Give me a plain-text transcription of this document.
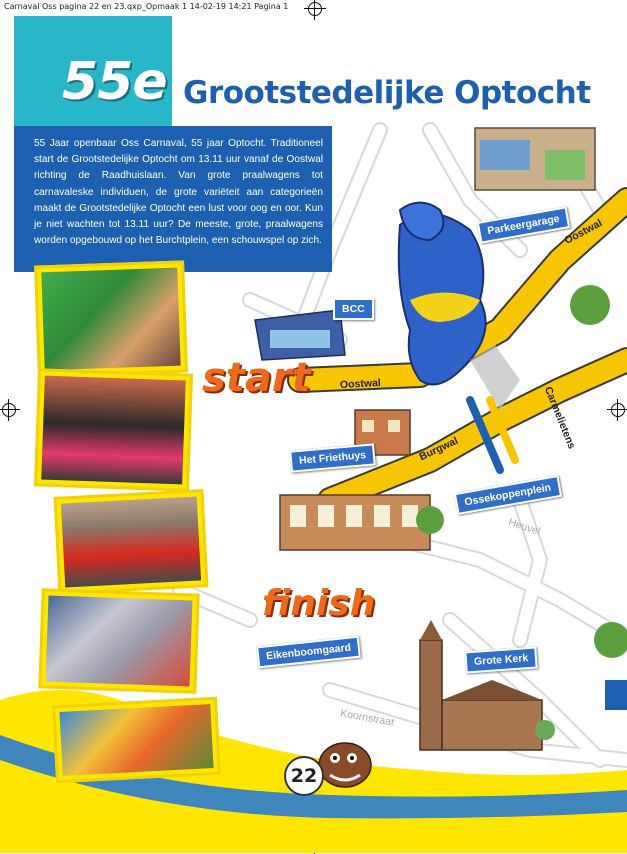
Carnaval Oss pagina 22 en 23.qxp_Opmaak 1 14-02-19 14:21 Pagina 1
55e Grootstedelijke Optocht
55 Jaar openbaar Oss Carnaval, 55 jaar Optocht. Traditioneel start de Grootstedelijke Optocht om 13.11 uur vanaf de Oostwal richting de Raadhuislaan. Van grote praalwagens tot carnavaleske individuen, de grote variëteit aan categorieën maakt de Grootstedelijke Optocht een lust voor oog en oor. Kun je niet wachten tot 13.11 uur? De meeste, grote, praalwagens worden opgebouwd op het Burchtplein, een schouwspel op zich.
start
finish
Parkeergarage
BCC
Het Friethuys
Ossekoppenplein
Eikenboomgaard	Grote Kerk
Oostwal
Oostwal
Burgwal	Carmelietens
Heuvel
Koornstraat
22
